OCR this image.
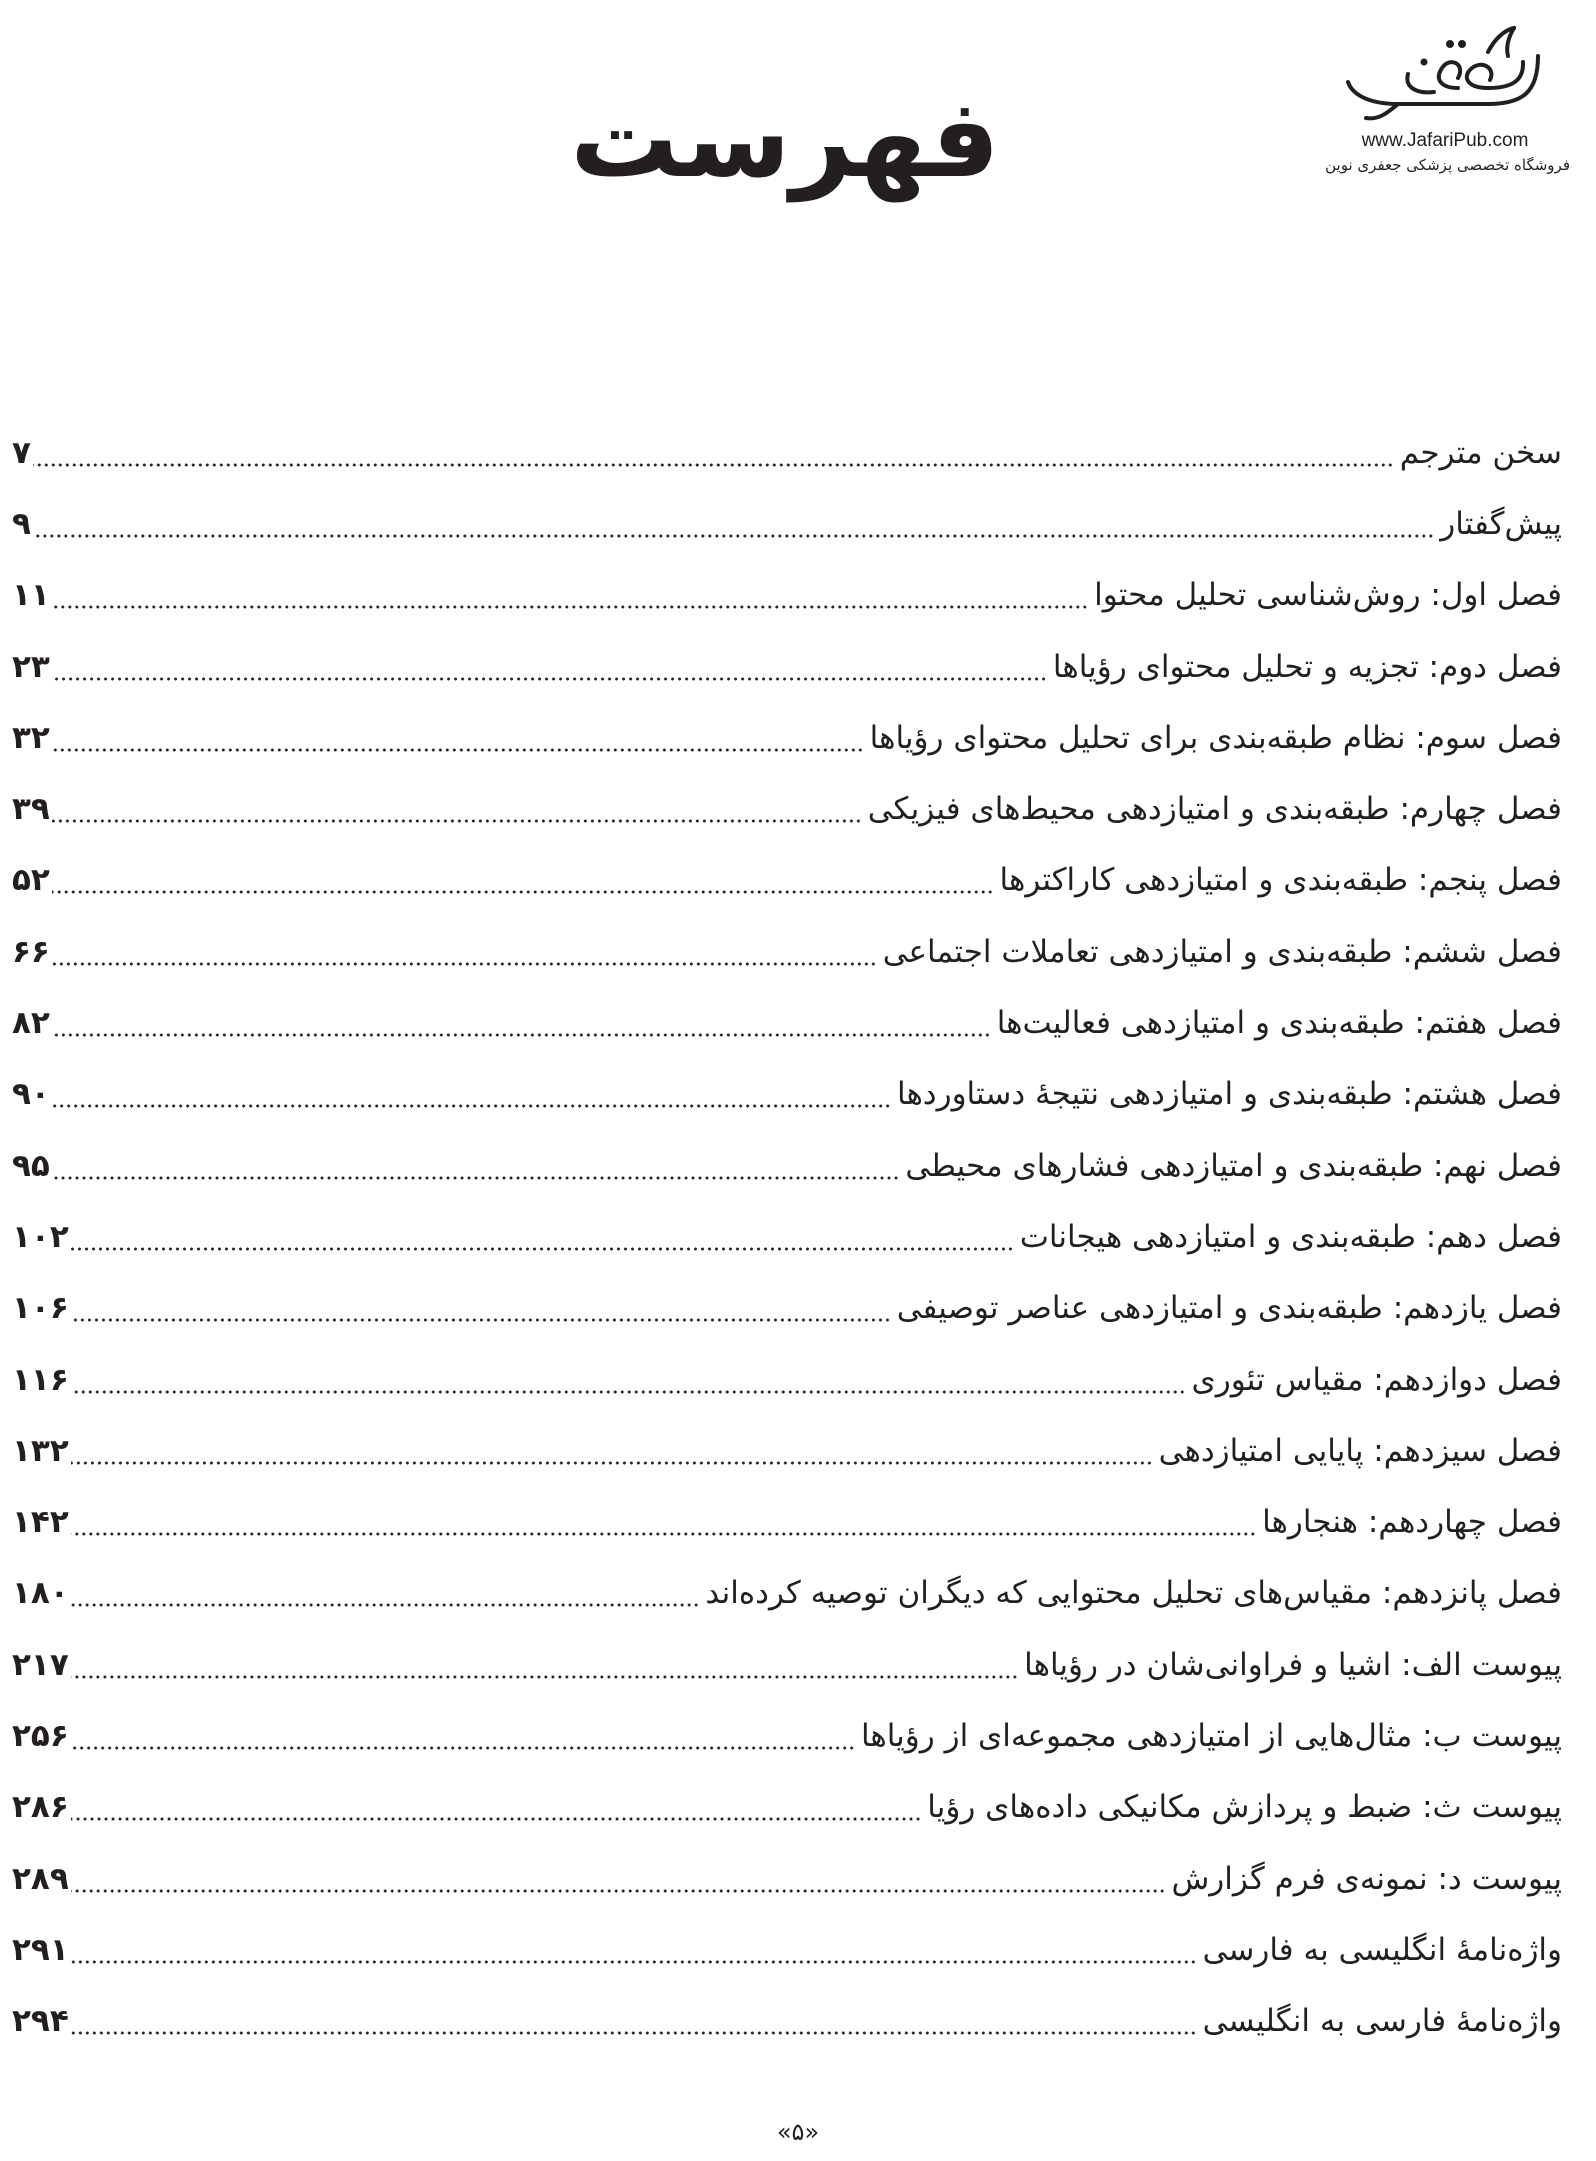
www.JafariPub.com
فروشگاه تخصصی پزشکی جعفری نوین
فهرست
سخن مترجم
۷
پیش‌گفتار
۹
فصل اول: روش‌شناسی تحلیل محتوا
۱۱
فصل دوم: تجزیه و تحلیل محتوای رؤیاها
۲۳
فصل سوم: نظام طبقه‌بندی برای تحلیل محتوای رؤیاها
۳۲
فصل چهارم: طبقه‌بندی و امتیازدهی محیط‌های فیزیکی
۳۹
فصل پنجم: طبقه‌بندی و امتیازدهی کاراکترها
۵۲
فصل ششم: طبقه‌بندی و امتیازدهی تعاملات اجتماعی
۶۶
فصل هفتم: طبقه‌بندی و امتیازدهی فعالیت‌ها
۸۲
فصل هشتم: طبقه‌بندی و امتیازدهی نتیجهٔ دستاوردها
۹۰
فصل نهم: طبقه‌بندی و امتیازدهی فشارهای محیطی
۹۵
فصل دهم: طبقه‌بندی و امتیازدهی هیجانات
۱۰۲
فصل یازدهم: طبقه‌بندی و امتیازدهی عناصر توصیفی
۱۰۶
فصل دوازدهم: مقیاس تئوری
۱۱۶
فصل سیزدهم: پایایی امتیازدهی
۱۳۲
فصل چهاردهم: هنجارها
۱۴۲
فصل پانزدهم: مقیاس‌های تحلیل محتوایی که دیگران توصیه کرده‌اند
۱۸۰
پیوست الف: اشیا و فراوانی‌شان در رؤیاها
۲۱۷
پیوست ب: مثال‌هایی از امتیازدهی مجموعه‌ای از رؤیاها
۲۵۶
پیوست ث: ضبط و پردازش مکانیکی داده‌های رؤیا
۲۸۶
پیوست د: نمونه‌ی فرم گزارش
۲۸۹
واژه‌نامهٔ انگلیسی به فارسی
۲۹۱
واژه‌نامهٔ فارسی به انگلیسی
۲۹۴
«۵»
